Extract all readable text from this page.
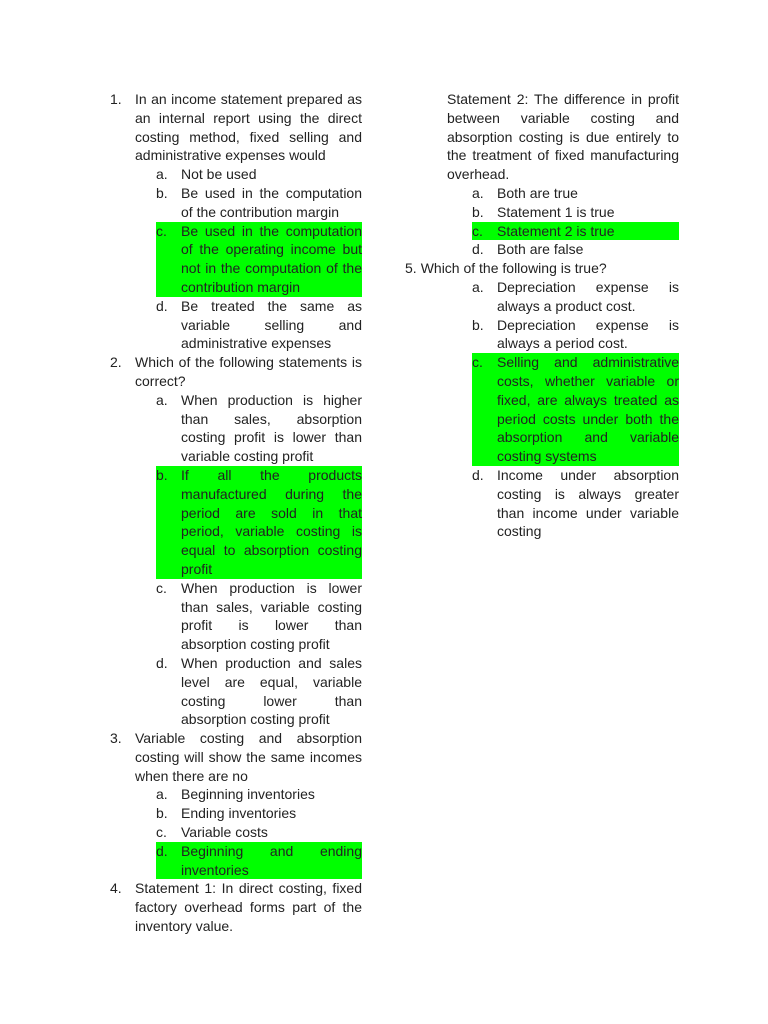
1. In an income statement prepared as an internal report using the direct costing method, fixed selling and administrative expenses would
a. Not be used
b. Be used in the computation of the contribution margin
c.	Be used in the computation of the operating income but not in the computation of the contribution margin
d. Be treated the same as variable selling and administrative expenses
2. Which of the following statements is correct?
a. When production is higher than sales, absorption costing profit is lower than variable costing profit
b. If all the products manufactured during the period are sold in that period, variable costing is equal to absorption costing profit
c.	When production is lower than sales, variable costing profit is lower than absorption costing profit
d. When production and sales level are equal, variable costing lower than absorption costing profit
3. Variable costing and absorption costing will show the same incomes when there are no
a. Beginning inventories
b. Ending inventories
c.	Variable costs
d. Beginning and ending inventories
4. Statement 1: In direct costing, fixed factory overhead forms part of the inventory value.
Statement 2: The difference in profit between variable costing and absorption costing is due entirely to the treatment of fixed manufacturing overhead.
a. Both are true
b. Statement 1 is true
c.	Statement 2 is true
d. Both are false
5. Which of the following is true?
a. Depreciation expense is always a product cost.
b. Depreciation expense is always a period cost.
c.	Selling and administrative costs, whether variable or fixed, are always treated as period costs under both the absorption and variable costing systems
d. Income under absorption costing is always greater than income under variable costing
